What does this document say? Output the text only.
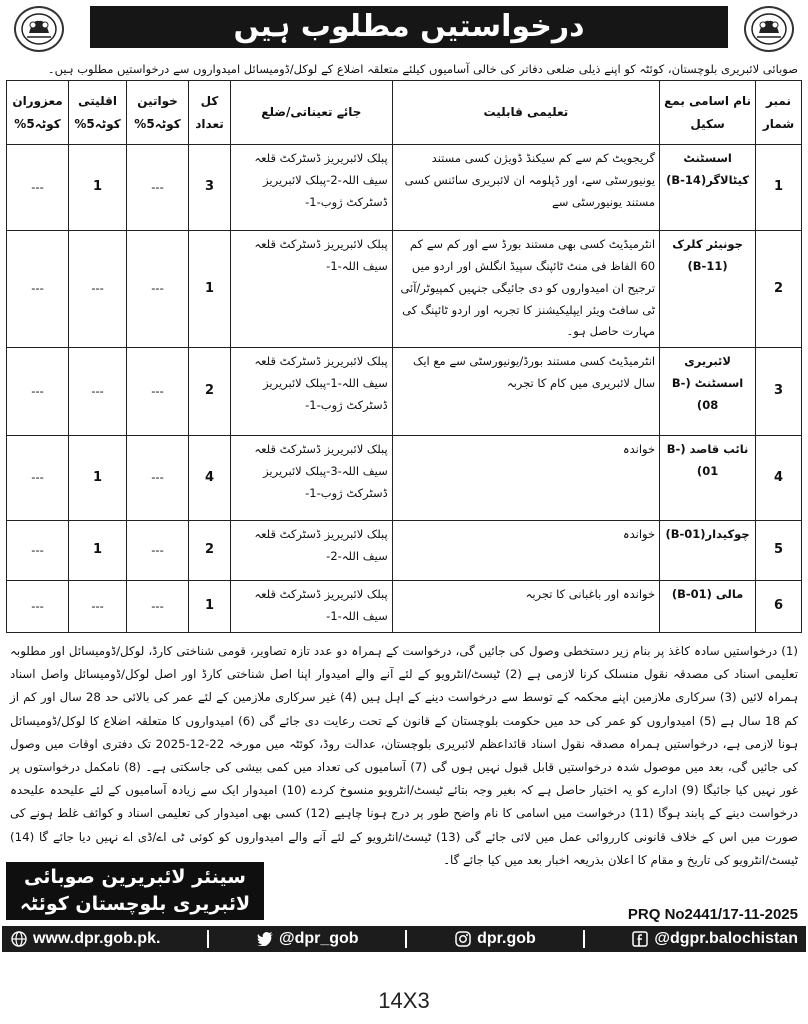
درخواستیں مطلوب ہیں
صوبائی لائبریری بلوچستان، کوئٹہ کو اپنے ذیلی ضلعی دفاتر کی خالی آسامیوں کیلئے متعلقہ اضلاع کے لوکل/ڈومیسائل امیدواروں سے درخواستیں مطلوب ہیں۔
نمبر شمار	نام اسامی بمع سکیل	تعلیمی قابلیت	جائے تعیناتی/ضلع	کل تعداد	خواتین کوٹہ5%	اقلیتی کوٹہ5%	معزوران کوٹہ5%
1	اسسٹنٹ کیٹالاگر(B-14)	گریجویٹ کم سے کم سیکنڈ ڈویژن کسی مستند یونیورسٹی سے، اور ڈپلومہ ان لائبریری سائنس کسی مستند یونیورسٹی سے	پبلک لائبریریز ڈسٹرکٹ قلعہ سیف اللہ-2-پبلک لائبریریز ڈسٹرکٹ ژوب-1-	3	---	1	---
2	جونیئر کلرک (B-11)	انٹرمیڈیٹ کسی بھی مستند بورڈ سے اور کم سے کم 60 الفاظ فی منٹ ٹائپنگ سپیڈ انگلش اور اردو میں ترجیح ان امیدواروں کو دی جائیگی جنہیں کمپیوٹر/آئی ٹی سافٹ ویئر ایپلیکیشنز کا تجربہ اور اردو ٹائپنگ کی مہارت حاصل ہو۔	پبلک لائبریریز ڈسٹرکٹ قلعہ سیف اللہ-1-	1	---	---	---
3	لائبریری اسسٹنٹ (B-08)	انٹرمیڈیٹ کسی مستند بورڈ/یونیورسٹی سے مع ایک سال لائبریری میں کام کا تجربہ	پبلک لائبریریز ڈسٹرکٹ قلعہ سیف اللہ-1-پبلک لائبریریز ڈسٹرکٹ ژوب-1-	2	---	---	---
4	نائب قاصد (B-01)	خواندہ	پبلک لائبریریز ڈسٹرکٹ قلعہ سیف اللہ-3-پبلک لائبریریز ڈسٹرکٹ ژوب-1-	4	---	1	---
5	چوکیدار(B-01)	خواندہ	پبلک لائبریریز ڈسٹرکٹ قلعہ سیف اللہ-2-	2	---	1	---
6	مالی (B-01)	خواندہ اور باغبانی کا تجربہ	پبلک لائبریریز ڈسٹرکٹ قلعہ سیف اللہ-1-	1	---	---	---
(1) درخواستیں سادہ کاغذ پر بنام زیر دستخطی وصول کی جائیں گی، درخواست کے ہمراہ دو عدد تازہ تصاویر، قومی شناختی کارڈ، لوکل/ڈومیسائل اور مطلوبہ تعلیمی اسناد کی مصدقہ نقول منسلک کرنا لازمی ہے (2) ٹیسٹ/انٹرویو کے لئے آنے والے امیدوار اپنا اصل شناختی کارڈ اور اصل لوکل/ڈومیسائل واصل اسناد ہمراہ لائیں (3) سرکاری ملازمین اپنے محکمہ کے توسط سے درخواست دینے کے اہل ہیں (4) غیر سرکاری ملازمین کے لئے عمر کی بالائی حد 28 سال اور کم از کم 18 سال ہے (5) امیدواروں کو عمر کی حد میں حکومت بلوچستان کے قانون کے تحت رعایت دی جائے گی (6) امیدواروں کا متعلقہ اضلاع کا لوکل/ڈومیسائل ہونا لازمی ہے، درخواستیں ہمراہ مصدقہ نقول اسناد قائداعظم لائبریری بلوچستان، عدالت روڈ، کوئٹہ میں مورخہ 22-12-2025 تک دفتری اوقات میں وصول کی جائیں گی، بعد میں موصول شدہ درخواستیں قابل قبول نہیں ہوں گی (7) آسامیوں کی تعداد میں کمی بیشی کی جاسکتی ہے۔ (8) نامکمل درخواستوں پر غور نہیں کیا جائیگا (9) ادارے کو یہ اختیار حاصل ہے کہ بغیر وجہ بتائے ٹیسٹ/انٹرویو منسوخ کردے (10) امیدوار ایک سے زیادہ آسامیوں کے لئے علیحدہ علیحدہ درخواست دینے کے پابند ہوگا (11) درخواست میں اسامی کا نام واضح طور پر درج ہونا چاہیے (12) کسی بھی امیدوار کی تعلیمی اسناد و کوائف غلط ہونے کی صورت میں اس کے خلاف قانونی کارروائی عمل میں لائی جائے گی (13) ٹیسٹ/انٹرویو کے لئے آنے والے امیدواروں کو کوئی ٹی اے/ڈی اے نہیں دیا جائے گا (14) ٹیسٹ/انٹرویو کی تاریخ و مقام کا اعلان بذریعہ اخبار بعد میں کیا جائے گا۔
سینئر لائبریرین صوبائی
لائبریری بلوچستان کوئٹہ	PRQ No2441/17-11-2025
www.dpr.gob.pk.	@dpr_gob	dpr.gob	@dgpr.balochistan
14X3
